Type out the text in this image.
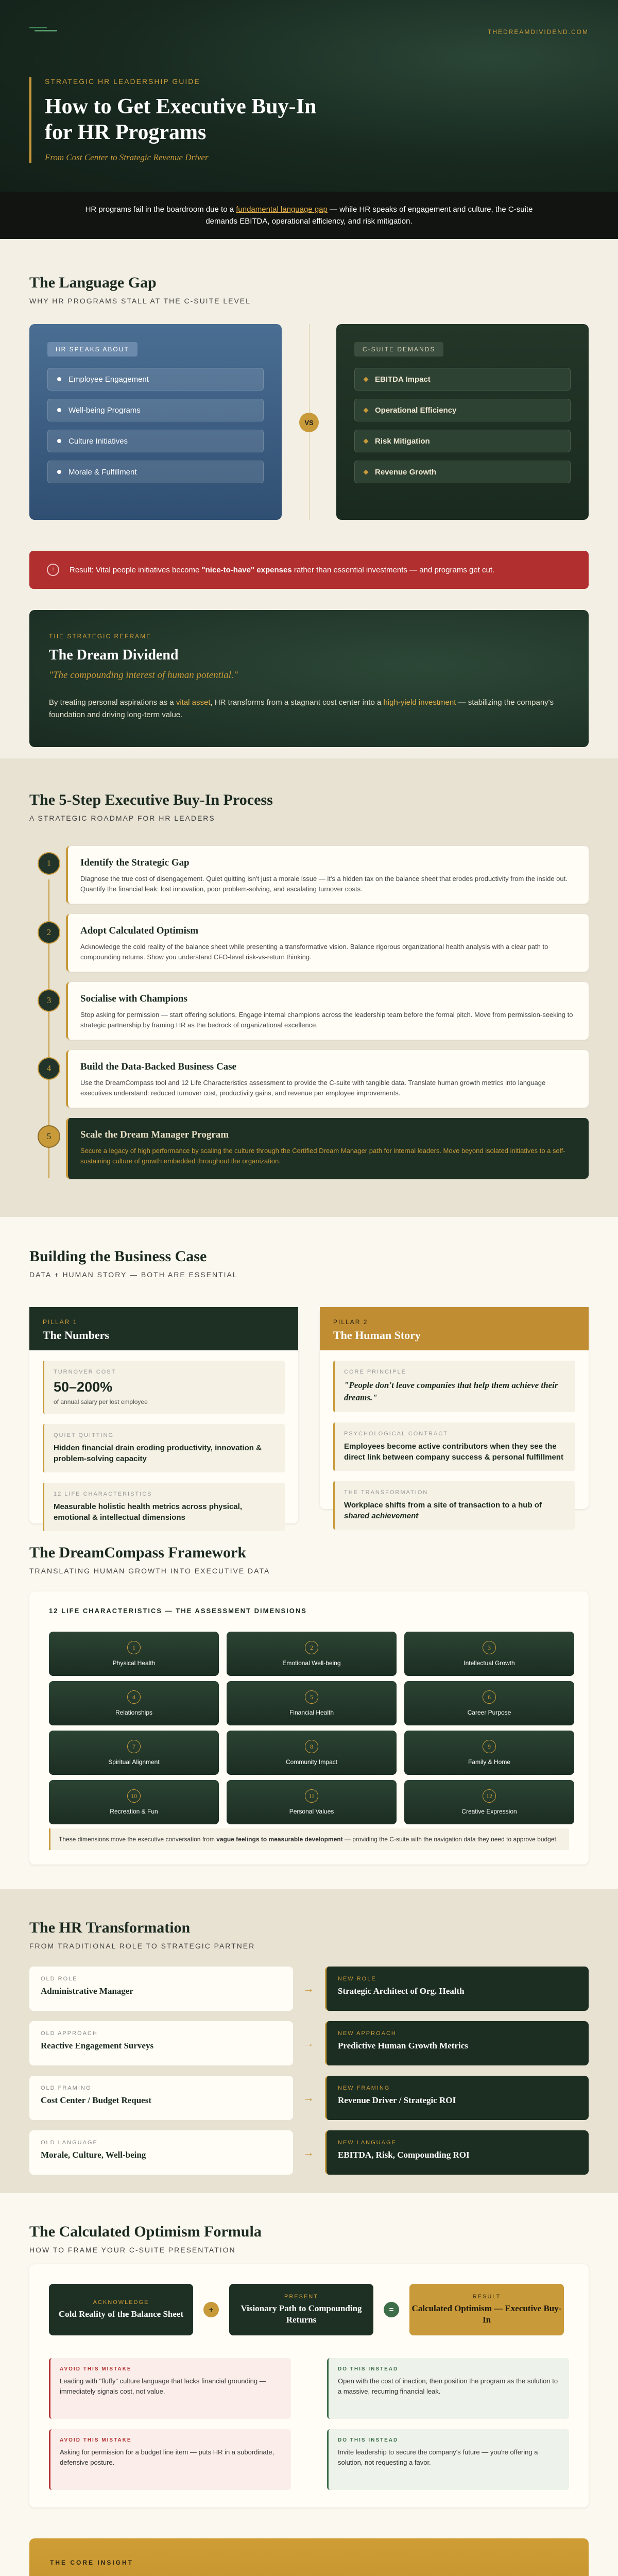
THEDREAMDIVIDEND.COM
STRATEGIC HR LEADERSHIP GUIDE
How to Get Executive Buy-In
for HR Programs
From Cost Center to Strategic Revenue Driver
HR programs fail in the boardroom due to a fundamental language gap — while HR speaks of engagement and culture, the C-suite demands EBITDA, operational efficiency, and risk mitigation.
The Language Gap
WHY HR PROGRAMS STALL AT THE C-SUITE LEVEL
HR SPEAKS ABOUT
Employee Engagement
Well-being Programs
Culture Initiatives
Morale & Fulfillment
VS
C-SUITE DEMANDS
EBITDA Impact
Operational Efficiency
Risk Mitigation
Revenue Growth
!	Result: Vital people initiatives become "nice-to-have" expenses rather than essential investments — and programs get cut.
THE STRATEGIC REFRAME
The Dream Dividend
"The compounding interest of human potential."

By treating personal aspirations as a vital asset, HR transforms from a stagnant cost center into a high-yield investment — stabilizing the company's foundation and driving long-term value.

The 5-Step Executive Buy-In Process
A STRATEGIC ROADMAP FOR HR LEADERS
1	Identify the Strategic Gap

Diagnose the true cost of disengagement. Quiet quitting isn't just a morale issue — it's a hidden tax on the balance sheet that erodes productivity from the inside out. Quantify the financial leak: lost innovation, poor problem-solving, and escalating turnover costs.

2	Adopt Calculated Optimism

Acknowledge the cold reality of the balance sheet while presenting a transformative vision. Balance rigorous organizational health analysis with a clear path to compounding returns. Show you understand CFO-level risk-vs-return thinking.

3	Socialise with Champions

Stop asking for permission — start offering solutions. Engage internal champions across the leadership team before the formal pitch. Move from permission-seeking to strategic partnership by framing HR as the bedrock of organizational excellence.

4	Build the Data-Backed Business Case

Use the DreamCompass tool and 12 Life Characteristics assessment to provide the C-suite with tangible data. Translate human growth metrics into language executives understand: reduced turnover cost, productivity gains, and revenue per employee improvements.

5	Scale the Dream Manager Program

Secure a legacy of high performance by scaling the culture through the Certified Dream Manager path for internal leaders. Move beyond isolated initiatives to a self-sustaining culture of growth embedded throughout the organization.

Building the Business Case
DATA + HUMAN STORY — BOTH ARE ESSENTIAL
PILLAR 1
The Numbers
TURNOVER COST
50–200%
of annual salary per lost employee
QUIET QUITTING
Hidden financial drain eroding productivity, innovation & problem-solving capacity
12 LIFE CHARACTERISTICS
Measurable holistic health metrics across physical, emotional & intellectual dimensions
PILLAR 2
The Human Story
CORE PRINCIPLE
"People don't leave companies that help them achieve their dreams."
PSYCHOLOGICAL CONTRACT
Employees become active contributors when they see the direct link between company success & personal fulfillment
THE TRANSFORMATION
Workplace shifts from a site of transaction to a hub of shared achievement
The DreamCompass Framework
TRANSLATING HUMAN GROWTH INTO EXECUTIVE DATA
12 LIFE CHARACTERISTICS — THE ASSESSMENT DIMENSIONS
1
Physical Health
2
Emotional Well-being
3
Intellectual Growth
4
Relationships
5
Financial Health
6
Career Purpose
7
Spiritual Alignment
8
Community Impact
9
Family & Home
10
Recreation & Fun
11
Personal Values
12
Creative Expression
These dimensions move the executive conversation from vague feelings to measurable development — providing the C-suite with the navigation data they need to approve budget.
The HR Transformation
FROM TRADITIONAL ROLE TO STRATEGIC PARTNER
OLD ROLE
Administrative Manager	→
NEW ROLE
Strategic Architect of Org. Health
OLD APPROACH
Reactive Engagement Surveys	→
NEW APPROACH
Predictive Human Growth Metrics
OLD FRAMING
Cost Center / Budget Request	→
NEW FRAMING
Revenue Driver / Strategic ROI
OLD LANGUAGE
Morale, Culture, Well-being	→
NEW LANGUAGE
EBITDA, Risk, Compounding ROI
The Calculated Optimism Formula
HOW TO FRAME YOUR C-SUITE PRESENTATION
ACKNOWLEDGE
Cold Reality of the Balance Sheet	+
PRESENT
Visionary Path to Compounding Returns
=
RESULT
Calculated Optimism — Executive Buy-In
AVOID THIS MISTAKE
Leading with "fluffy" culture language that lacks financial grounding — immediately signals cost, not value.
DO THIS INSTEAD
Open with the cost of inaction, then position the program as the solution to a massive, recurring financial leak.
AVOID THIS MISTAKE
Asking for permission for a budget line item — puts HR in a subordinate, defensive posture.
DO THIS INSTEAD
Invite leadership to secure the company's future — you're offering a solution, not requesting a favor.
THE CORE INSIGHT
